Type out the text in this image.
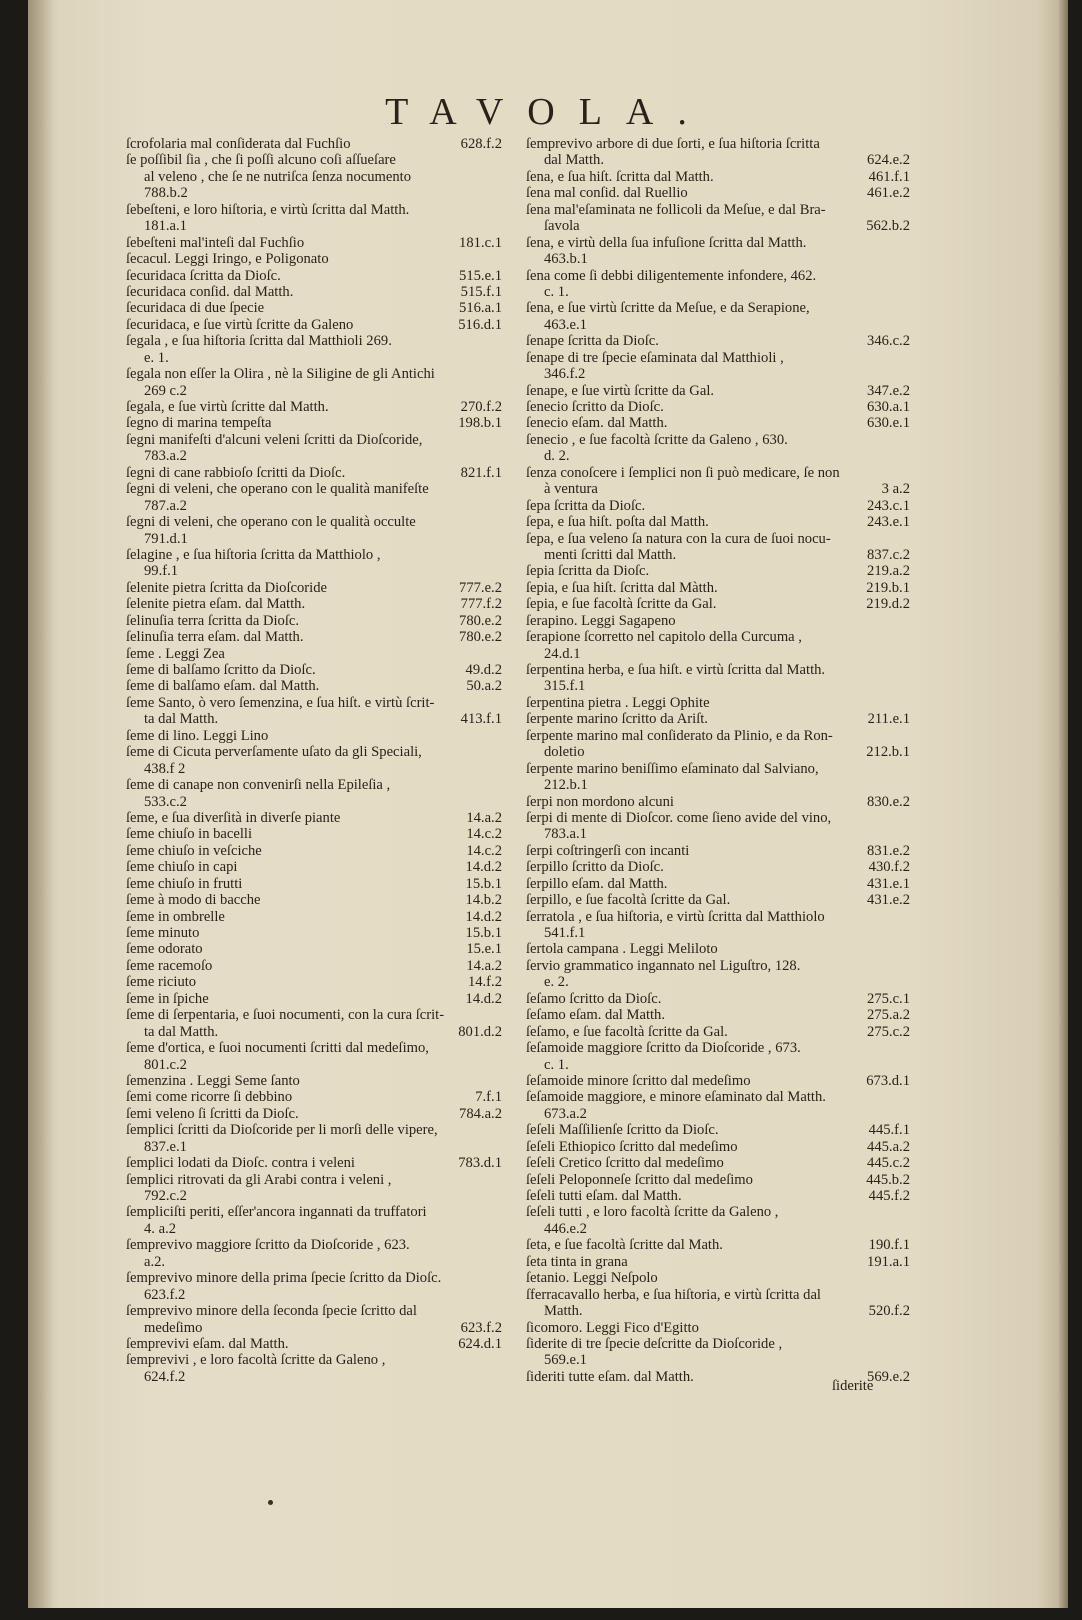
TAVOLA.
ſcrofolaria mal conſiderata dal Fuchſio	628.f.2
ſe poſſibil ſia , che ſi poſſi alcuno coſi aſſueſare
al veleno , che ſe ne nutriſca ſenza nocumento
788.b.2
ſebeſteni, e loro hiſtoria, e virtù ſcritta dal Matth.
181.a.1
ſebeſteni mal'inteſi dal Fuchſio	181.c.1
ſecacul. Leggi Iringo, e Poligonato
ſecuridaca ſcritta da Dioſc.	515.e.1
ſecuridaca conſid. dal Matth.	515.f.1
ſecuridaca di due ſpecie	516.a.1
ſecuridaca, e ſue virtù ſcritte da Galeno	516.d.1
ſegala , e ſua hiſtoria ſcritta dal Matthioli 269.
e. 1.
ſegala non eſſer la Olira , nè la Siligine de gli Antichi
269 c.2
ſegala, e ſue virtù ſcritte dal Matth.	270.f.2
ſegno di marina tempeſta	198.b.1
ſegni manifeſti d'alcuni veleni ſcritti da Dioſcoride,
783.a.2
ſegni di cane rabbioſo ſcritti da Dioſc.	821.f.1
ſegni di veleni, che operano con le qualità manifeſte
787.a.2
ſegni di veleni, che operano con le qualità occulte
791.d.1
ſelagine , e ſua hiſtoria ſcritta da Matthiolo ,
99.f.1
ſelenite pietra ſcritta da Dioſcoride	777.e.2
ſelenite pietra eſam. dal Matth.	777.f.2
ſelinuſia terra ſcritta da Dioſc.	780.e.2
ſelinuſia terra eſam. dal Matth.	780.e.2
ſeme . Leggi Zea
ſeme di balſamo ſcritto da Dioſc.	49.d.2
ſeme di balſamo eſam. dal Matth.	50.a.2
ſeme Santo, ò vero ſemenzina, e ſua hiſt. e virtù ſcrit-
ta dal Matth.	413.f.1
ſeme di lino. Leggi Lino
ſeme di Cicuta perverſamente uſato da gli Speciali,
438.f 2
ſeme di canape non convenirſi nella Epileſia ,
533.c.2
ſeme, e ſua diverſità in diverſe piante	14.a.2
ſeme chiuſo in bacelli	14.c.2
ſeme chiuſo in veſciche	14.c.2
ſeme chiuſo in capi	14.d.2
ſeme chiuſo in frutti	15.b.1
ſeme à modo di bacche	14.b.2
ſeme in ombrelle	14.d.2
ſeme minuto	15.b.1
ſeme odorato	15.e.1
ſeme racemoſo	14.a.2
ſeme riciuto	14.f.2
ſeme in ſpiche	14.d.2
ſeme di ſerpentaria, e ſuoi nocumenti, con la cura ſcrit-
ta dal Matth.	801.d.2
ſeme d'ortica, e ſuoi nocumenti ſcritti dal medeſimo,
801.c.2
ſemenzina . Leggi Seme ſanto
ſemi come ricorre ſi debbino	7.f.1
ſemi veleno ſi ſcritti da Dioſc.	784.a.2
ſemplici ſcritti da Dioſcoride per li morſi delle vipere,
837.e.1
ſemplici lodati da Dioſc. contra i veleni	783.d.1
ſemplici ritrovati da gli Arabi contra i veleni ,
792.c.2
ſempliciſti periti, eſſer'ancora ingannati da truffatori
4. a.2
ſemprevivo maggiore ſcritto da Dioſcoride , 623.
a.2.
ſemprevivo minore della prima ſpecie ſcritto da Dioſc.
623.f.2
ſemprevivo minore della ſeconda ſpecie ſcritto dal
medeſimo	623.f.2
ſemprevivi eſam. dal Matth.	624.d.1
ſemprevivi , e loro facoltà ſcritte da Galeno ,
624.f.2
ſemprevivo arbore di due ſorti, e ſua hiſtoria ſcritta
dal Matth.	624.e.2
ſena, e ſua hiſt. ſcritta dal Matth.	461.f.1
ſena mal conſid. dal Ruellio	461.e.2
ſena mal'eſaminata ne follicoli da Meſue, e dal Bra-
ſavola	562.b.2
ſena, e virtù della ſua infuſione ſcritta dal Matth.
463.b.1
ſena come ſi debbi diligentemente infondere, 462.
c. 1.
ſena, e ſue virtù ſcritte da Meſue, e da Serapione,
463.e.1
ſenape ſcritta da Dioſc.	346.c.2
ſenape di tre ſpecie eſaminata dal Matthioli ,
346.f.2
ſenape, e ſue virtù ſcritte da Gal.	347.e.2
ſenecio ſcritto da Dioſc.	630.a.1
ſenecio eſam. dal Matth.	630.e.1
ſenecio , e ſue facoltà ſcritte da Galeno , 630.
d. 2.
ſenza conoſcere i ſemplici non ſi può medicare, ſe non
à ventura	3 a.2
ſepa ſcritta da Dioſc.	243.c.1
ſepa, e ſua hiſt. poſta dal Matth.	243.e.1
ſepa, e ſua veleno ſa natura con la cura de ſuoi nocu-
menti ſcritti dal Matth.	837.c.2
ſepia ſcritta da Dioſc.	219.a.2
ſepia, e ſua hiſt. ſcritta dal Màtth.	219.b.1
ſepia, e ſue facoltà ſcritte da Gal.	219.d.2
ſerapino. Leggi Sagapeno
ſerapione ſcorretto nel capitolo della Curcuma ,
24.d.1
ſerpentina herba, e ſua hiſt. e virtù ſcritta dal Matth.
315.f.1
ſerpentina pietra . Leggi Ophite
ſerpente marino ſcritto da Ariſt.	211.e.1
ſerpente marino mal conſiderato da Plinio, e da Ron-
doletio	212.b.1
ſerpente marino beniſſimo eſaminato dal Salviano,
212.b.1
ſerpi non mordono alcuni	830.e.2
ſerpi di mente di Dioſcor. come ſieno avide del vino,
783.a.1
ſerpi coſtringerſi con incanti	831.e.2
ſerpillo ſcritto da Dioſc.	430.f.2
ſerpillo eſam. dal Matth.	431.e.1
ſerpillo, e ſue facoltà ſcritte da Gal.	431.e.2
ſerratola , e ſua hiſtoria, e virtù ſcritta dal Matthiolo
541.f.1
ſertola campana . Leggi Meliloto
ſervio grammatico ingannato nel Liguſtro, 128.
e. 2.
ſeſamo ſcritto da Dioſc.	275.c.1
ſeſamo eſam. dal Matth.	275.a.2
ſeſamo, e ſue facoltà ſcritte da Gal.	275.c.2
ſeſamoide maggiore ſcritto da Dioſcoride , 673.
c. 1.
ſeſamoide minore ſcritto dal medeſimo	673.d.1
ſeſamoide maggiore, e minore eſaminato dal Matth.
673.a.2
ſeſeli Maſſilienſe ſcritto da Dioſc.	445.f.1
ſeſeli Ethiopico ſcritto dal medeſimo	445.a.2
ſeſeli Cretico ſcritto dal medeſimo	445.c.2
ſeſeli Peloponneſe ſcritto dal medeſimo	445.b.2
ſeſeli tutti eſam. dal Matth.	445.f.2
ſeſeli tutti , e loro facoltà ſcritte da Galeno ,
446.e.2
ſeta, e ſue facoltà ſcritte dal Math.	190.f.1
ſeta tinta in grana	191.a.1
ſetanio. Leggi Neſpolo
ſferracavallo herba, e ſua hiſtoria, e virtù ſcritta dal
Matth.	520.f.2
ſicomoro. Leggi Fico d'Egitto
ſiderite di tre ſpecie deſcritte da Dioſcoride ,
569.e.1
ſideriti tutte eſam. dal Matth.	569.e.2
ſiderite
